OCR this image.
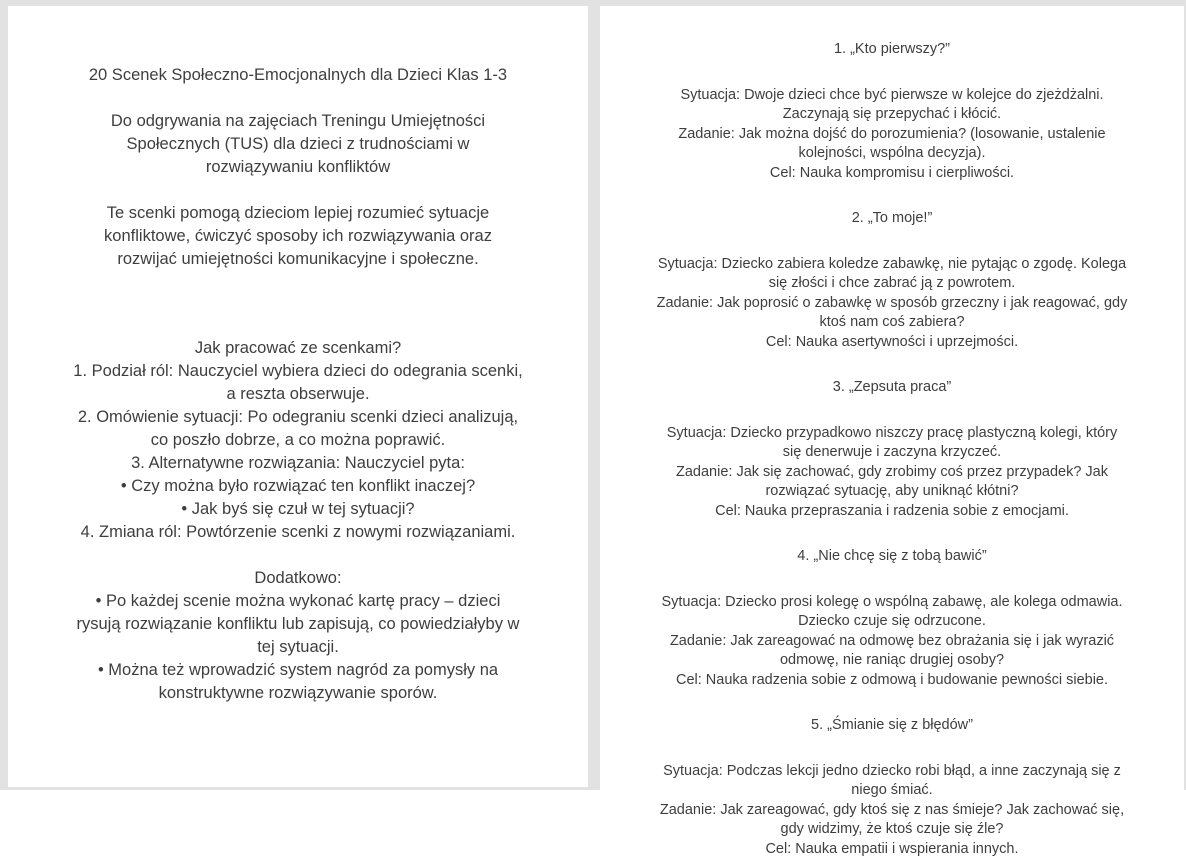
20 Scenek Społeczno-Emocjonalnych dla Dzieci Klas 1-3

Do odgrywania na zajęciach Treningu Umiejętności Społecznych (TUS) dla dzieci z trudnościami w rozwiązywaniu konfliktów

Te scenki pomogą dzieciom lepiej rozumieć sytuacje konfliktowe, ćwiczyć sposoby ich rozwiązywania oraz rozwijać umiejętności komunikacyjne i społeczne.

Jak pracować ze scenkami?

1. Podział ról: Nauczyciel wybiera dzieci do odegrania scenki, a reszta obserwuje.

2. Omówienie sytuacji: Po odegraniu scenki dzieci analizują, co poszło dobrze, a co można poprawić.

3. Alternatywne rozwiązania: Nauczyciel pyta:

• Czy można było rozwiązać ten konflikt inaczej?

• Jak byś się czuł w tej sytuacji?

4. Zmiana ról: Powtórzenie scenki z nowymi rozwiązaniami.

Dodatkowo:

• Po każdej scenie można wykonać kartę pracy – dzieci rysują rozwiązanie konfliktu lub zapisują, co powiedziałyby w tej sytuacji.

• Można też wprowadzić system nagród za pomysły na konstruktywne rozwiązywanie sporów.

1. „Kto pierwszy?”

Sytuacja: Dwoje dzieci chce być pierwsze w kolejce do zjeżdżalni. Zaczynają się przepychać i kłócić.

Zadanie: Jak można dojść do porozumienia? (losowanie, ustalenie kolejności, wspólna decyzja).

Cel: Nauka kompromisu i cierpliwości.

2. „To moje!”

Sytuacja: Dziecko zabiera koledze zabawkę, nie pytając o zgodę. Kolega się złości i chce zabrać ją z powrotem.

Zadanie: Jak poprosić o zabawkę w sposób grzeczny i jak reagować, gdy ktoś nam coś zabiera?

Cel: Nauka asertywności i uprzejmości.

3. „Zepsuta praca”

Sytuacja: Dziecko przypadkowo niszczy pracę plastyczną kolegi, który się denerwuje i zaczyna krzyczeć.

Zadanie: Jak się zachować, gdy zrobimy coś przez przypadek? Jak rozwiązać sytuację, aby uniknąć kłótni?

Cel: Nauka przepraszania i radzenia sobie z emocjami.

4. „Nie chcę się z tobą bawić”

Sytuacja: Dziecko prosi kolegę o wspólną zabawę, ale kolega odmawia. Dziecko czuje się odrzucone.

Zadanie: Jak zareagować na odmowę bez obrażania się i jak wyrazić odmowę, nie raniąc drugiej osoby?

Cel: Nauka radzenia sobie z odmową i budowanie pewności siebie.

5. „Śmianie się z błędów”

Sytuacja: Podczas lekcji jedno dziecko robi błąd, a inne zaczynają się z niego śmiać.

Zadanie: Jak zareagować, gdy ktoś się z nas śmieje? Jak zachować się, gdy widzimy, że ktoś czuje się źle?

Cel: Nauka empatii i wspierania innych.
